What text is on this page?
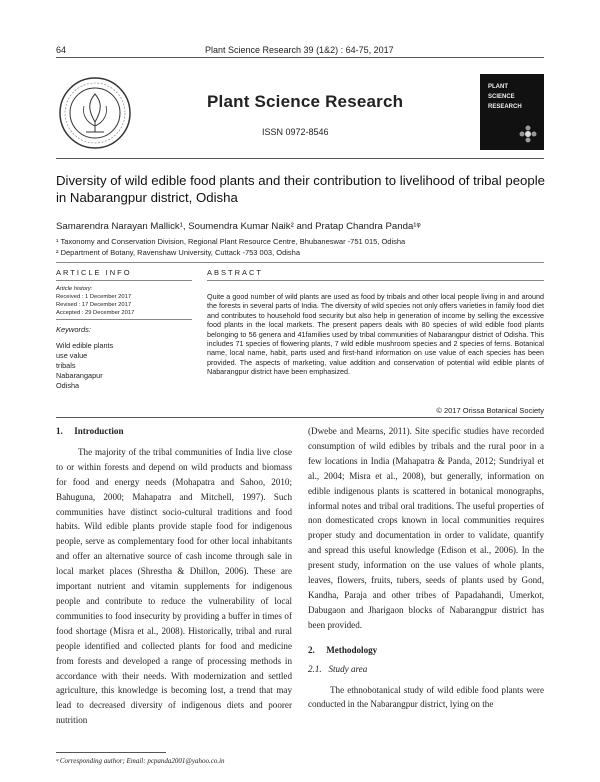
64	Plant Science Research 39 (1&2) : 64-75, 2017
Plant Science Research
ISSN 0972-8546
PLANT
SCIENCE
RESEARCH
Diversity of wild edible food plants and their contribution to livelihood of tribal people in Nabarangpur district, Odisha
Samarendra Narayan Mallick¹, Soumendra Kumar Naik² and Pratap Chandra Panda¹ᵠ
¹ Taxonomy and Conservation Division, Regional Plant Resource Centre, Bhubaneswar -751 015, Odisha
² Department of Botany, Ravenshaw University, Cuttack -753 003, Odisha
ARTICLE INFO	ABSTRACT
Article history:
Received : 1 December 2017
Revised : 17 December 2017
Accepted : 29 December 2017
Keywords:
Wild edible plants
use value
tribals
Nabarangapur
Odisha
Quite a good number of wild plants are used as food by tribals and other local people living in and around the forests in several parts of India. The diversity of wild species not only offers varieties in family food diet and contributes to household food security but also help in generation of income by selling the excessive food plants in the local markets. The present papers deals with 80 species of wild edible food plants belonging to 56 genera and 41families used by tribal communities of Nabarangpur district of Odisha. This includes 71 species of flowering plants, 7 wild edible mushroom species and 2 species of ferns. Botanical name, local name, habit, parts used and first-hand information on use value of each species has been provided. The aspects of marketing, value addition and conservation of potential wild edible plants of Nabarangpur district have been emphasized.
© 2017 Orissa Botanical Society
1.     Introduction
The majority of the tribal communities of India live close to or within forests and depend on wild products and biomass for food and energy needs (Mohapatra and Sahoo, 2010; Bahuguna, 2000; Mahapatra and Mitchell, 1997). Such communities have distinct socio-cultural traditions and food habits. Wild edible plants provide staple food for indigenous people, serve as complementary food for other local inhabitants and offer an alternative source of cash income through sale in local market places (Shrestha & Dhillon, 2006). These are important nutrient and vitamin supplements for indigenous people and contribute to reduce the vulnerability of local communities to food insecurity by providing a buffer in times of food shortage (Misra et al., 2008). Historically, tribal and rural people identified and collected plants for food and medicine from forests and developed a range of processing methods in accordance with their needs. With modernization and settled agriculture, this knowledge is becoming lost, a trend that may lead to decreased diversity of indigenous diets and poorer nutrition
(Dwebe and Mearns, 2011). Site specific studies have recorded consumption of wild edibles by tribals and the rural poor in a few locations in India (Mahapatra & Panda, 2012; Sundriyal et al., 2004; Misra et al., 2008), but generally, information on edible indigenous plants is scattered in botanical monographs, informal notes and tribal oral traditions. The useful properties of non domesticated crops known in local communities requires proper study and documentation in order to validate, quantify and spread this useful knowledge (Edison et al., 2006). In the present study, information on the use values of whole plants, leaves, flowers, fruits, tubers, seeds of plants used by Gond, Kandha, Paraja and other tribes of Papadahandi, Umerkot, Dabugaon and Jharigaon blocks of Nabarangpur district has been provided.
2.     Methodology
2.1.   Study area
The ethnobotanical study of wild edible food plants were conducted in the Nabarangpur district, lying on the
ᵠ Corresponding author; Email: pcpanda2001@yahoo.co.in
